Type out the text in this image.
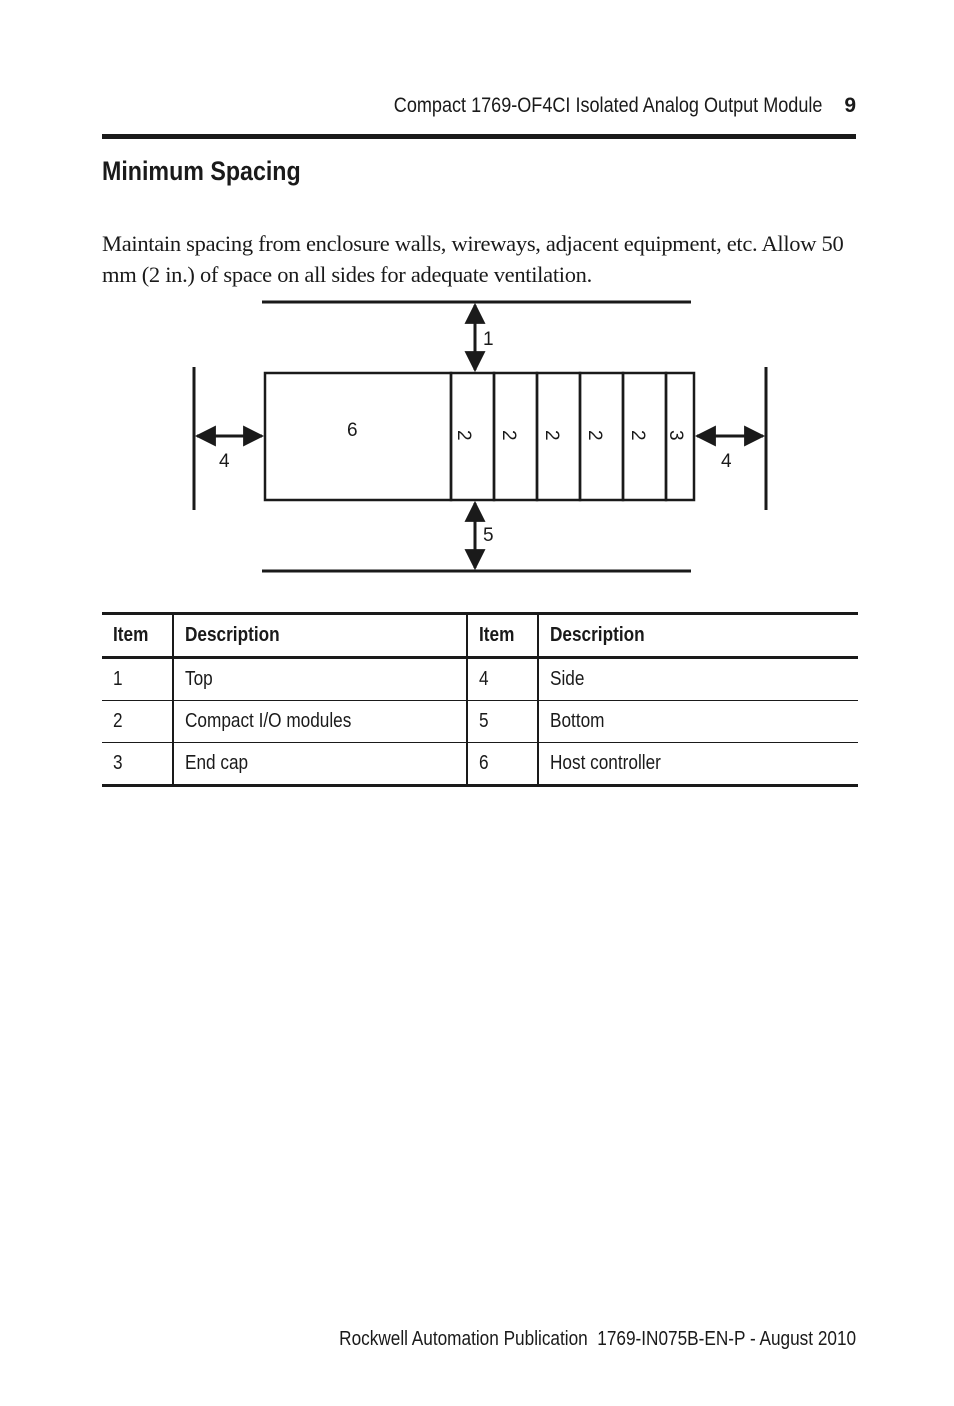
Compact 1769-OF4CI Isolated Analog Output Module 9
Minimum Spacing

Maintain spacing from enclosure walls, wireways, adjacent equipment, etc. Allow 50 mm (2 in.) of space on all sides for adequate ventilation.

1
5
4	4
6	2 2 2 2 2 3
Item	Description	Item	Description
1	Top	4	Side
2	Compact I/O modules	5	Bottom
3	End cap	6	Host controller
Rockwell Automation Publication  1769-IN075B-EN-P - August 2010
